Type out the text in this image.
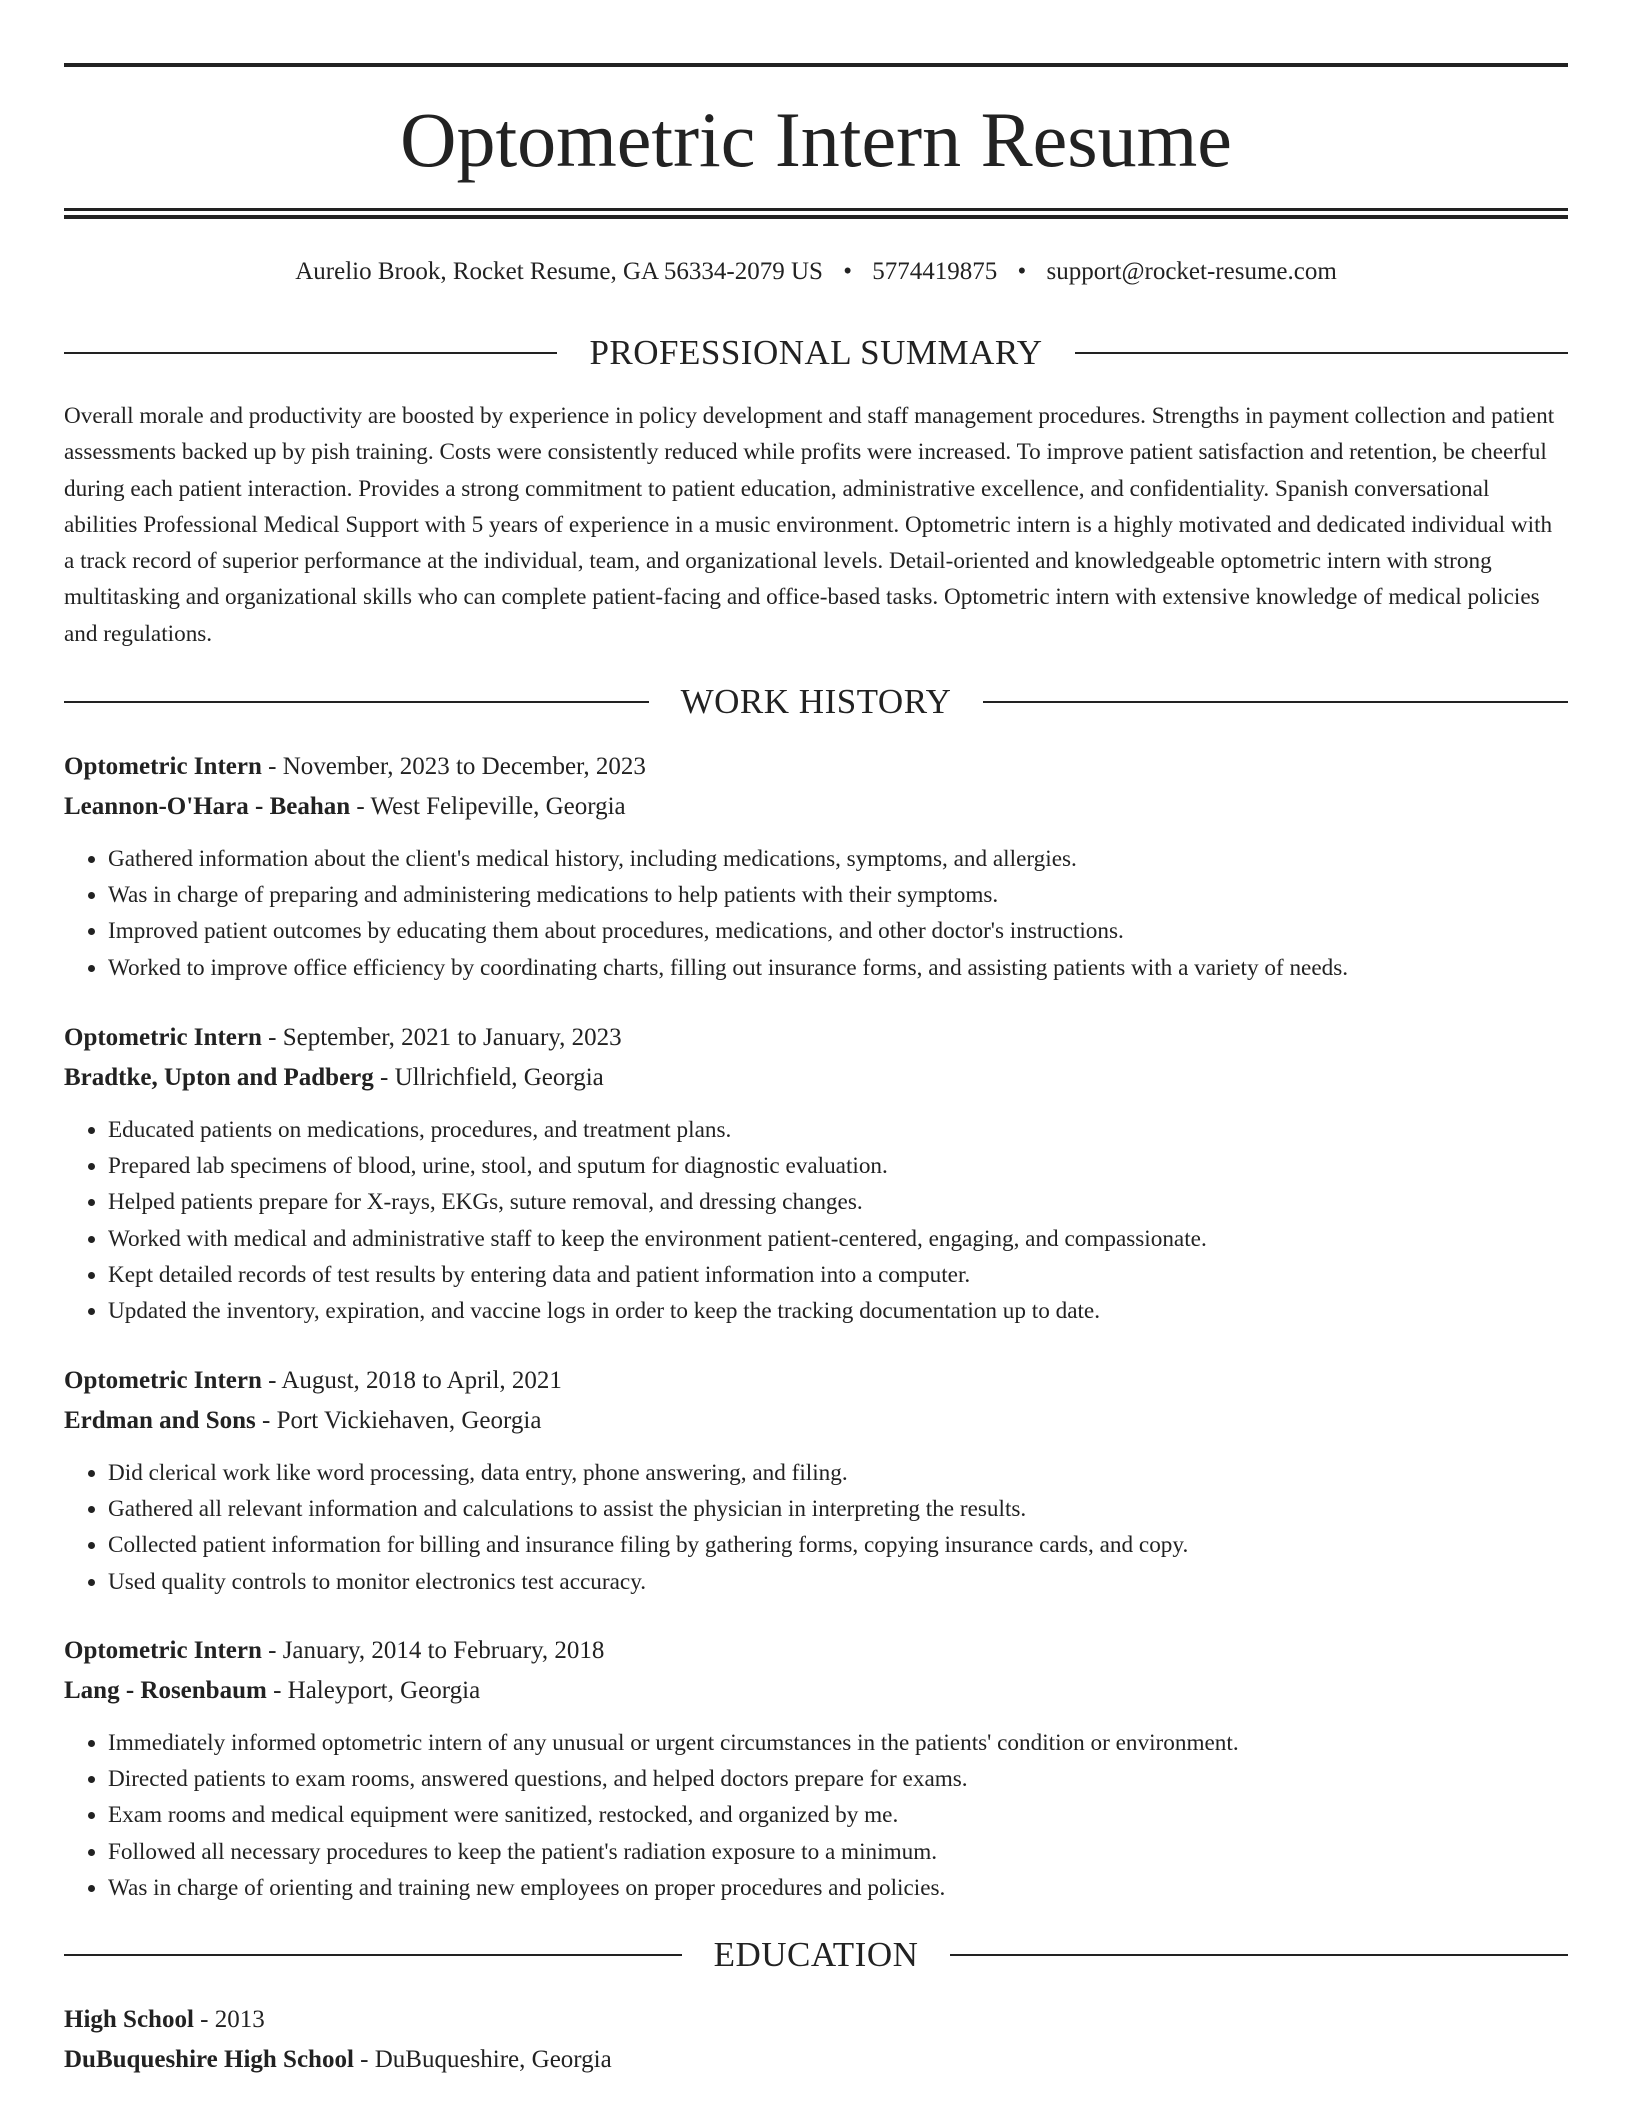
Optometric Intern Resume
Aurelio Brook, Rocket Resume, GA 56334-2079 US • 5774419875 • support@rocket-resume.com
PROFESSIONAL SUMMARY

Overall morale and productivity are boosted by experience in policy development and staff management procedures. Strengths in payment collection and patient assessments backed up by pish training. Costs were consistently reduced while profits were increased. To improve patient satisfaction and retention, be cheerful during each patient interaction. Provides a strong commitment to patient education, administrative excellence, and confidentiality. Spanish conversational abilities Professional Medical Support with 5 years of experience in a music environment. Optometric intern is a highly motivated and dedicated individual with a track record of superior performance at the individual, team, and organizational levels. Detail-oriented and knowledgeable optometric intern with strong multitasking and organizational skills who can complete patient-facing and office-based tasks. Optometric intern with extensive knowledge of medical policies and regulations.

WORK HISTORY
Optometric Intern - November, 2023 to December, 2023
Leannon-O'Hara - Beahan - West Felipeville, Georgia
• Gathered information about the client's medical history, including medications, symptoms, and allergies.
• Was in charge of preparing and administering medications to help patients with their symptoms.
• Improved patient outcomes by educating them about procedures, medications, and other doctor's instructions.
• Worked to improve office efficiency by coordinating charts, filling out insurance forms, and assisting patients with a variety of needs.
Optometric Intern - September, 2021 to January, 2023
Bradtke, Upton and Padberg - Ullrichfield, Georgia
• Educated patients on medications, procedures, and treatment plans.
• Prepared lab specimens of blood, urine, stool, and sputum for diagnostic evaluation.
• Helped patients prepare for X-rays, EKGs, suture removal, and dressing changes.
• Worked with medical and administrative staff to keep the environment patient-centered, engaging, and compassionate.
• Kept detailed records of test results by entering data and patient information into a computer.
• Updated the inventory, expiration, and vaccine logs in order to keep the tracking documentation up to date.
Optometric Intern - August, 2018 to April, 2021
Erdman and Sons - Port Vickiehaven, Georgia
• Did clerical work like word processing, data entry, phone answering, and filing.
• Gathered all relevant information and calculations to assist the physician in interpreting the results.
• Collected patient information for billing and insurance filing by gathering forms, copying insurance cards, and copy.
• Used quality controls to monitor electronics test accuracy.
Optometric Intern - January, 2014 to February, 2018
Lang - Rosenbaum - Haleyport, Georgia
• Immediately informed optometric intern of any unusual or urgent circumstances in the patients' condition or environment.
• Directed patients to exam rooms, answered questions, and helped doctors prepare for exams.
• Exam rooms and medical equipment were sanitized, restocked, and organized by me.
• Followed all necessary procedures to keep the patient's radiation exposure to a minimum.
• Was in charge of orienting and training new employees on proper procedures and policies.
EDUCATION
High School - 2013
DuBuqueshire High School - DuBuqueshire, Georgia
